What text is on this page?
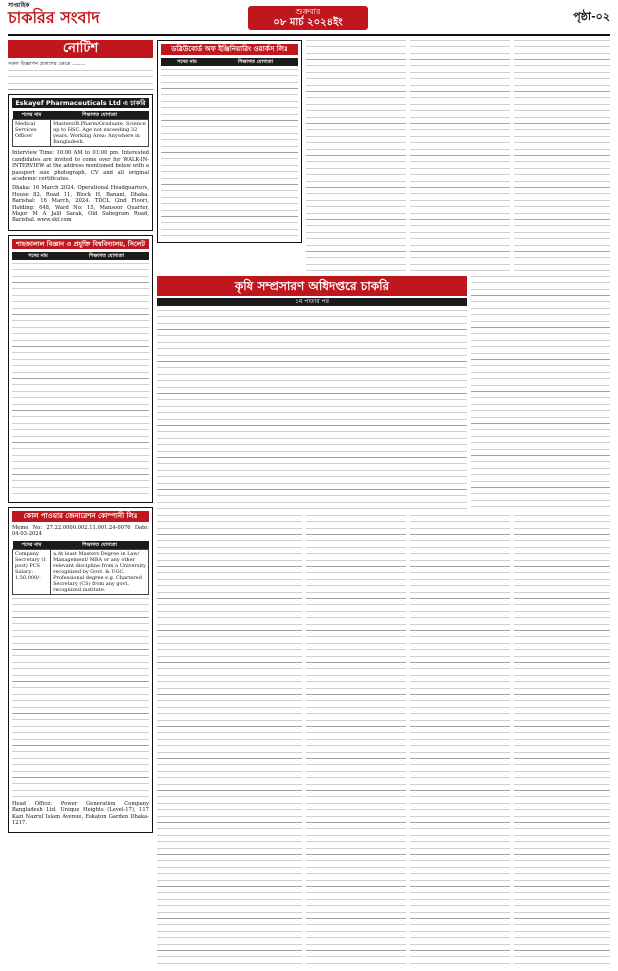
সাপ্তাহিক
চাকরির সংবাদ	শুক্রবার
০৮ মার্চ ২০২৪ইং	পৃষ্ঠা-০২
নোটিশ

সকল বিজ্ঞাপন প্রকাশের ক্ষেত্রে ........

Eskayef Pharmaceuticals Ltd এ চাকরি
পদের নাম	শিক্ষাগত যোগ্যতা
Medical Services Officer	Masters/B.Pharm/Graduate. Science up to HSC. Age not exceeding 32 years. Working Area: Anywhere in Bangladesh.

Interview Time: 10:00 AM to 01:00 pm. Interested candidates are invited to come over for WALK-IN-INTERVIEW at the address mentioned below with a passport size photograph, CV and all original academic certificates.

Dhaka: 16 March 2024. Operational Headquarters, House 82, Road 11, Block H, Banani, Dhaka. Barishal: 16 March, 2024. TDCL (2nd Floor), Holding: 648, Ward No: 15, Mansoor Quarter, Major M A Jalil Sarak, Old Sahegram Road, Barishal. www.skf.com

শাহজালাল বিজ্ঞান ও প্রযুক্তি বিশ্ববিদ্যালয়, সিলেট
পদের নাম	শিক্ষাগত যোগ্যতা
কোল পাওয়ার জেনারেশন কোম্পানী লিঃ

Memo No: 27.22.0000.002.11.001.24-0076 Date: 04-03-2024

পদের নাম	শিক্ষাগত যোগ্যতা
Company Secretary (1 post) PCS Salary: 1,50,000/-	a.At least Masters Degree in Law/ Management/ MBA or any other relevant discipline from a University recognized by Govt. & UGC. Professional degree e.g. Chartered Secretary (CS) from any govt. recognized institute.

Head Office: Power Generation Company Bangladesh Ltd. Unique Heights (Level-17), 117 Kazi Nazrul Islam Avenue, Eskaton Garden Dhaka-1217.

ডব্লিউবোর্ড অফ ইঞ্জিনিয়ারিং ওয়ার্কস লিঃ
পদের নাম	শিক্ষাগত যোগ্যতা
কৃষি সম্প্রসারণ অধিদপ্তরে চাকরি
১ম পাতার পর
